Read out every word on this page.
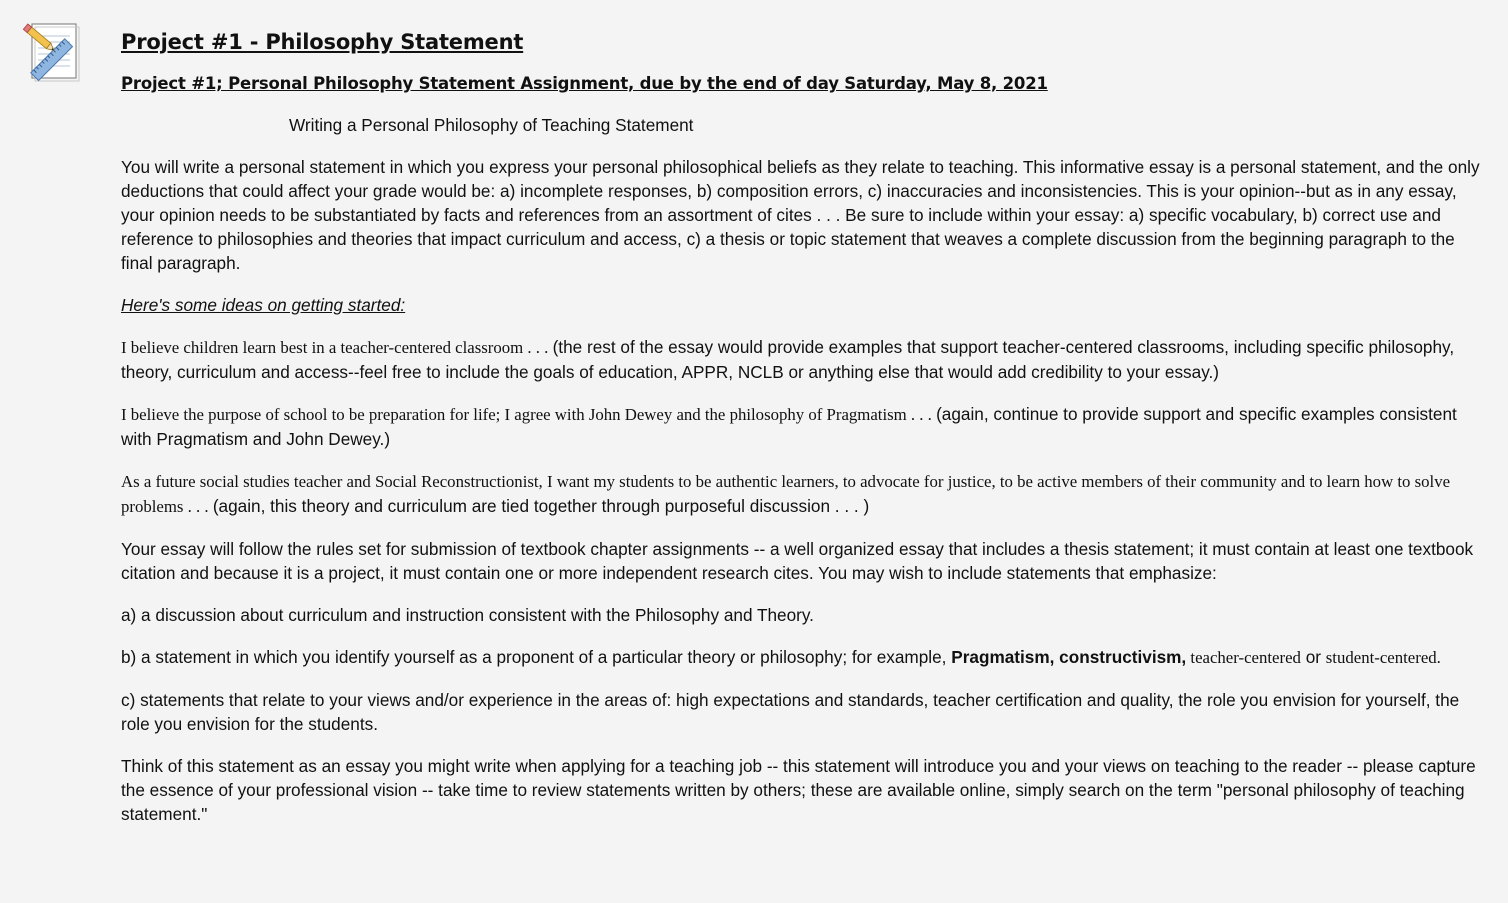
Project #1 - Philosophy Statement
Project #1; Personal Philosophy Statement Assignment, due by the end of day Saturday, May 8, 2021

Writing a Personal Philosophy of Teaching Statement

You will write a personal statement in which you express your personal philosophical beliefs as they relate to teaching. This informative essay is a personal statement, and the only deductions that could affect your grade would be: a) incomplete responses, b) composition errors, c) inaccuracies and inconsistencies. This is your opinion--but as in any essay, your opinion needs to be substantiated by facts and references from an assortment of cites . . . Be sure to include within your essay: a) specific vocabulary, b) correct use and reference to philosophies and theories that impact curriculum and access, c) a thesis or topic statement that weaves a complete discussion from the beginning paragraph to the final paragraph.

Here's some ideas on getting started:

I believe children learn best in a teacher-centered classroom . . . (the rest of the essay would provide examples that support teacher-centered classrooms, including specific philosophy, theory, curriculum and access--feel free to include the goals of education, APPR, NCLB or anything else that would add credibility to your essay.)

I believe the purpose of school to be preparation for life; I agree with John Dewey and the philosophy of Pragmatism . . . (again, continue to provide support and specific examples consistent with Pragmatism and John Dewey.)

As a future social studies teacher and Social Reconstructionist, I want my students to be authentic learners, to advocate for justice, to be active members of their community and to learn how to solve problems . . . (again, this theory and curriculum are tied together through purposeful discussion . . . )

Your essay will follow the rules set for submission of textbook chapter assignments -- a well organized essay that includes a thesis statement; it must contain at least one textbook citation and because it is a project, it must contain one or more independent research cites. You may wish to include statements that emphasize:

a) a discussion about curriculum and instruction consistent with the Philosophy and Theory.

b) a statement in which you identify yourself as a proponent of a particular theory or philosophy; for example, Pragmatism, constructivism, teacher-centered or student-centered.

c) statements that relate to your views and/or experience in the areas of: high expectations and standards, teacher certification and quality, the role you envision for yourself, the role you envision for the students.

Think of this statement as an essay you might write when applying for a teaching job -- this statement will introduce you and your views on teaching to the reader -- please capture the essence of your professional vision -- take time to review statements written by others; these are available online, simply search on the term "personal philosophy of teaching statement."
